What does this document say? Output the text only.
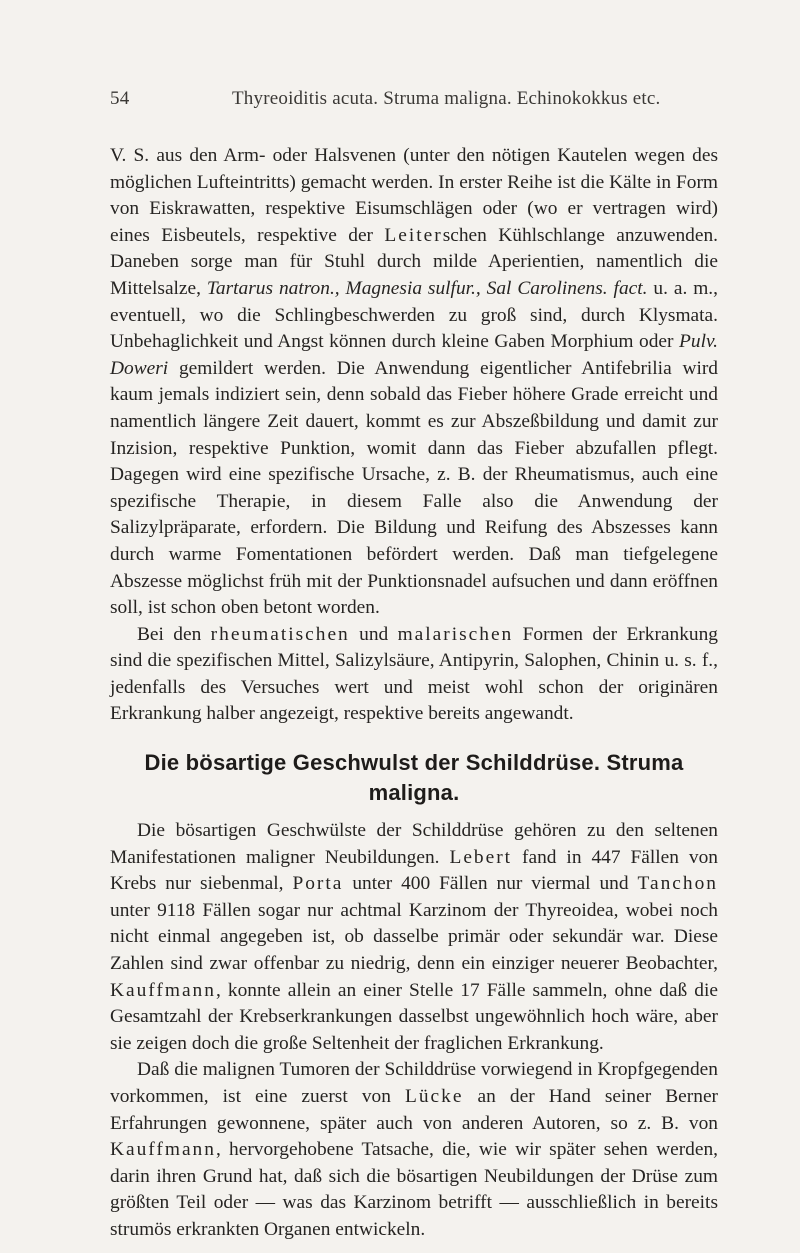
54	Thyreoiditis acuta. Struma maligna. Echinokokkus etc.

V. S. aus den Arm- oder Halsvenen (unter den nötigen Kautelen wegen des möglichen Lufteintritts) gemacht werden. In erster Reihe ist die Kälte in Form von Eiskrawatten, respektive Eisumschlägen oder (wo er vertragen wird) eines Eisbeutels, respektive der Leiterschen Kühlschlange anzuwenden. Daneben sorge man für Stuhl durch milde Aperientien, namentlich die Mittelsalze, Tartarus natron., Magnesia sulfur., Sal Carolinens. fact. u. a. m., eventuell, wo die Schlingbeschwerden zu groß sind, durch Klysmata. Unbehaglichkeit und Angst können durch kleine Gaben Morphium oder Pulv. Doweri gemildert werden. Die Anwendung eigentlicher Antifebrilia wird kaum jemals indiziert sein, denn sobald das Fieber höhere Grade erreicht und namentlich längere Zeit dauert, kommt es zur Abszeßbildung und damit zur Inzision, respektive Punktion, womit dann das Fieber abzufallen pflegt. Dagegen wird eine spezifische Ursache, z. B. der Rheumatismus, auch eine spezifische Therapie, in diesem Falle also die Anwendung der Salizylpräparate, erfordern. Die Bildung und Reifung des Abszesses kann durch warme Fomentationen befördert werden. Daß man tiefgelegene Abszesse möglichst früh mit der Punktionsnadel aufsuchen und dann eröffnen soll, ist schon oben betont worden.

Bei den rheumatischen und malarischen Formen der Erkrankung sind die spezifischen Mittel, Salizylsäure, Antipyrin, Salophen, Chinin u. s. f., jedenfalls des Versuches wert und meist wohl schon der originären Erkrankung halber angezeigt, respektive bereits angewandt.

Die bösartige Geschwulst der Schilddrüse. Struma maligna.

Die bösartigen Geschwülste der Schilddrüse gehören zu den seltenen Manifestationen maligner Neubildungen. Lebert fand in 447 Fällen von Krebs nur siebenmal, Porta unter 400 Fällen nur viermal und Tanchon unter 9118 Fällen sogar nur achtmal Karzinom der Thyreoidea, wobei noch nicht einmal angegeben ist, ob dasselbe primär oder sekundär war. Diese Zahlen sind zwar offenbar zu niedrig, denn ein einziger neuerer Beobachter, Kauffmann, konnte allein an einer Stelle 17 Fälle sammeln, ohne daß die Gesamtzahl der Krebserkrankungen dasselbst ungewöhnlich hoch wäre, aber sie zeigen doch die große Seltenheit der fraglichen Erkrankung.

Daß die malignen Tumoren der Schilddrüse vorwiegend in Kropfgegenden vorkommen, ist eine zuerst von Lücke an der Hand seiner Berner Erfahrungen gewonnene, später auch von anderen Autoren, so z. B. von Kauffmann, hervorgehobene Tatsache, die, wie wir später sehen werden, darin ihren Grund hat, daß sich die bösartigen Neubildungen der Drüse zum größten Teil oder — was das Karzinom betrifft — ausschließlich in bereits strumös erkrankten Organen entwickeln.
